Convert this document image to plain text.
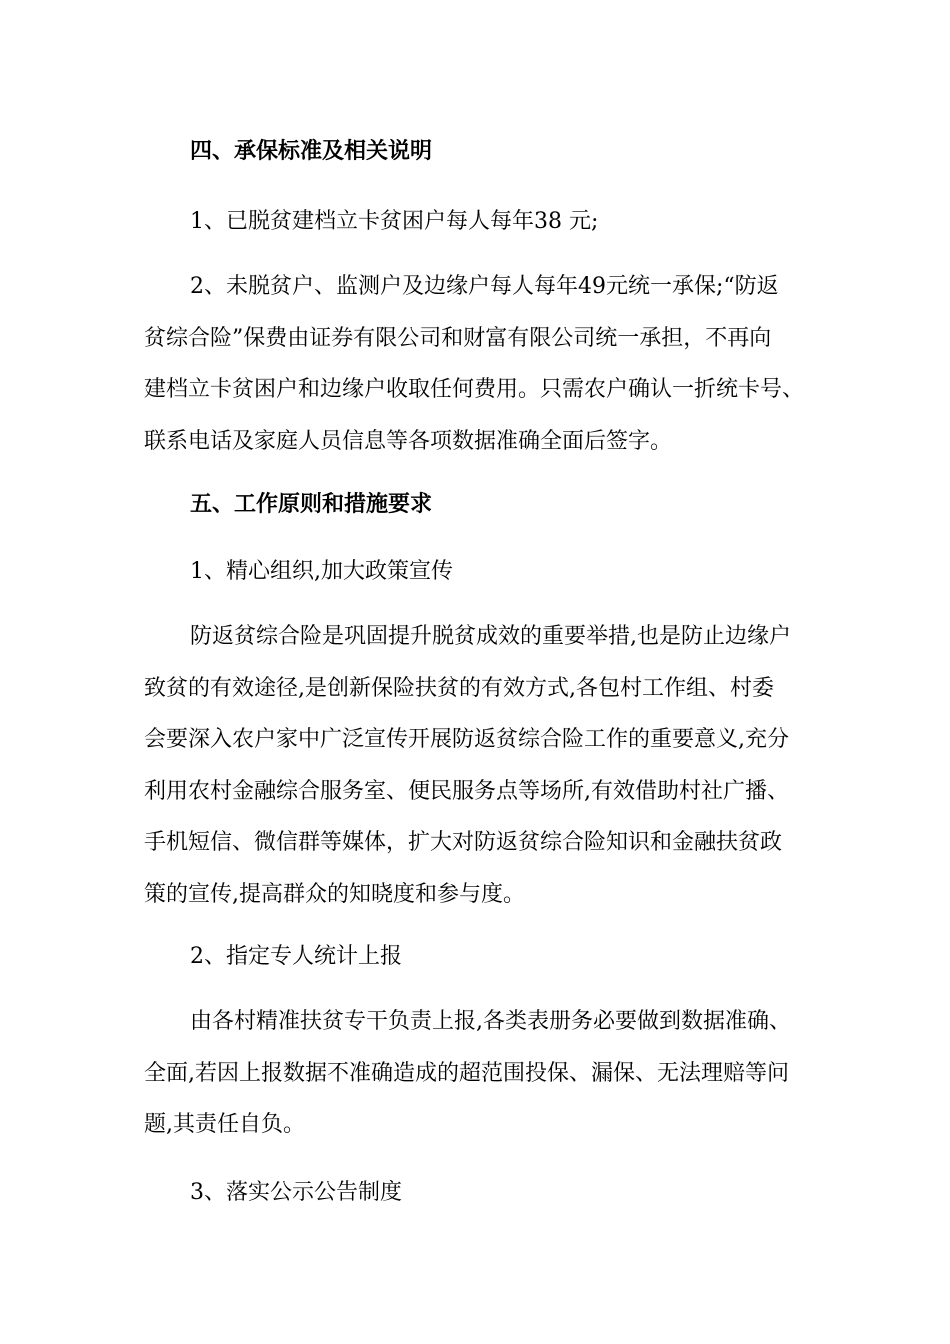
四、承保标准及相关说明

1、已脱贫建档立卡贫困户每人每年38 元;

2、未脱贫户、监测户及边缘户每人每年49元统一承保;“防返
贫综合险”保费由证券有限公司和财富有限公司统一承担，不再向
建档立卡贫困户和边缘户收取任何费用。只需农户确认一折统卡号、
联系电话及家庭人员信息等各项数据准确全面后签字。

五、工作原则和措施要求

1、精心组织,加大政策宣传

防返贫综合险是巩固提升脱贫成效的重要举措,也是防止边缘户
致贫的有效途径,是创新保险扶贫的有效方式,各包村工作组、村委
会要深入农户家中广泛宣传开展防返贫综合险工作的重要意义,充分
利用农村金融综合服务室、便民服务点等场所,有效借助村社广播、
手机短信、微信群等媒体，扩大对防返贫综合险知识和金融扶贫政
策的宣传,提高群众的知晓度和参与度。

2、指定专人统计上报

由各村精准扶贫专干负责上报,各类表册务必要做到数据准确、
全面,若因上报数据不准确造成的超范围投保、漏保、无法理赔等问
题,其责任自负。

3、落实公示公告制度
